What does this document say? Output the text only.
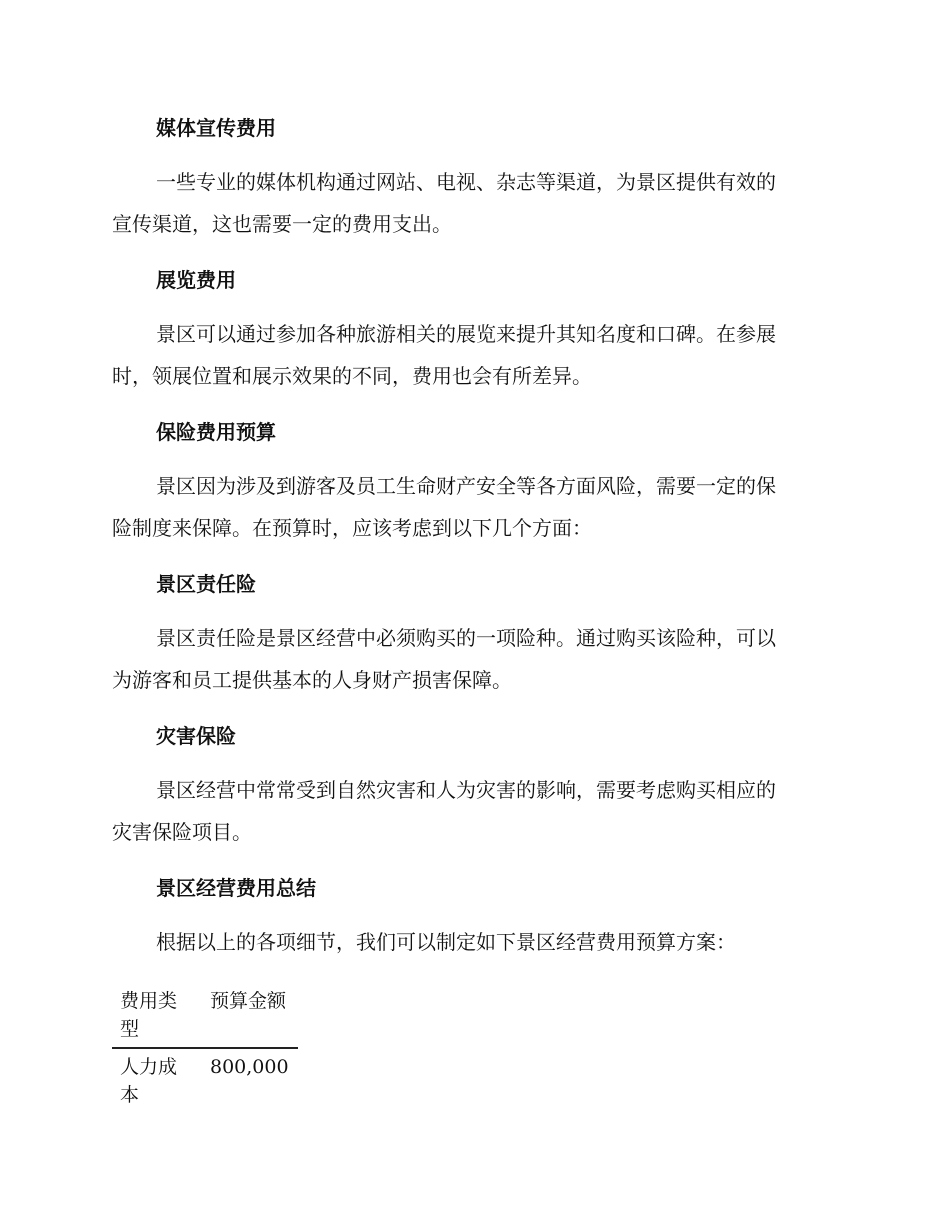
媒体宣传费用

一些专业的媒体机构通过网站、电视、杂志等渠道，为景区提供有效的
宣传渠道，这也需要一定的费用支出。

展览费用

景区可以通过参加各种旅游相关的展览来提升其知名度和口碑。在参展
时，领展位置和展示效果的不同，费用也会有所差异。

保险费用预算

景区因为涉及到游客及员工生命财产安全等各方面风险，需要一定的保
险制度来保障。在预算时，应该考虑到以下几个方面：

景区责任险

景区责任险是景区经营中必须购买的一项险种。通过购买该险种，可以
为游客和员工提供基本的人身财产损害保障。

灾害保险

景区经营中常常受到自然灾害和人为灾害的影响，需要考虑购买相应的
灾害保险项目。

景区经营费用总结

根据以上的各项细节，我们可以制定如下景区经营费用预算方案：

费用类型	预算金额
人力成本	800,000
